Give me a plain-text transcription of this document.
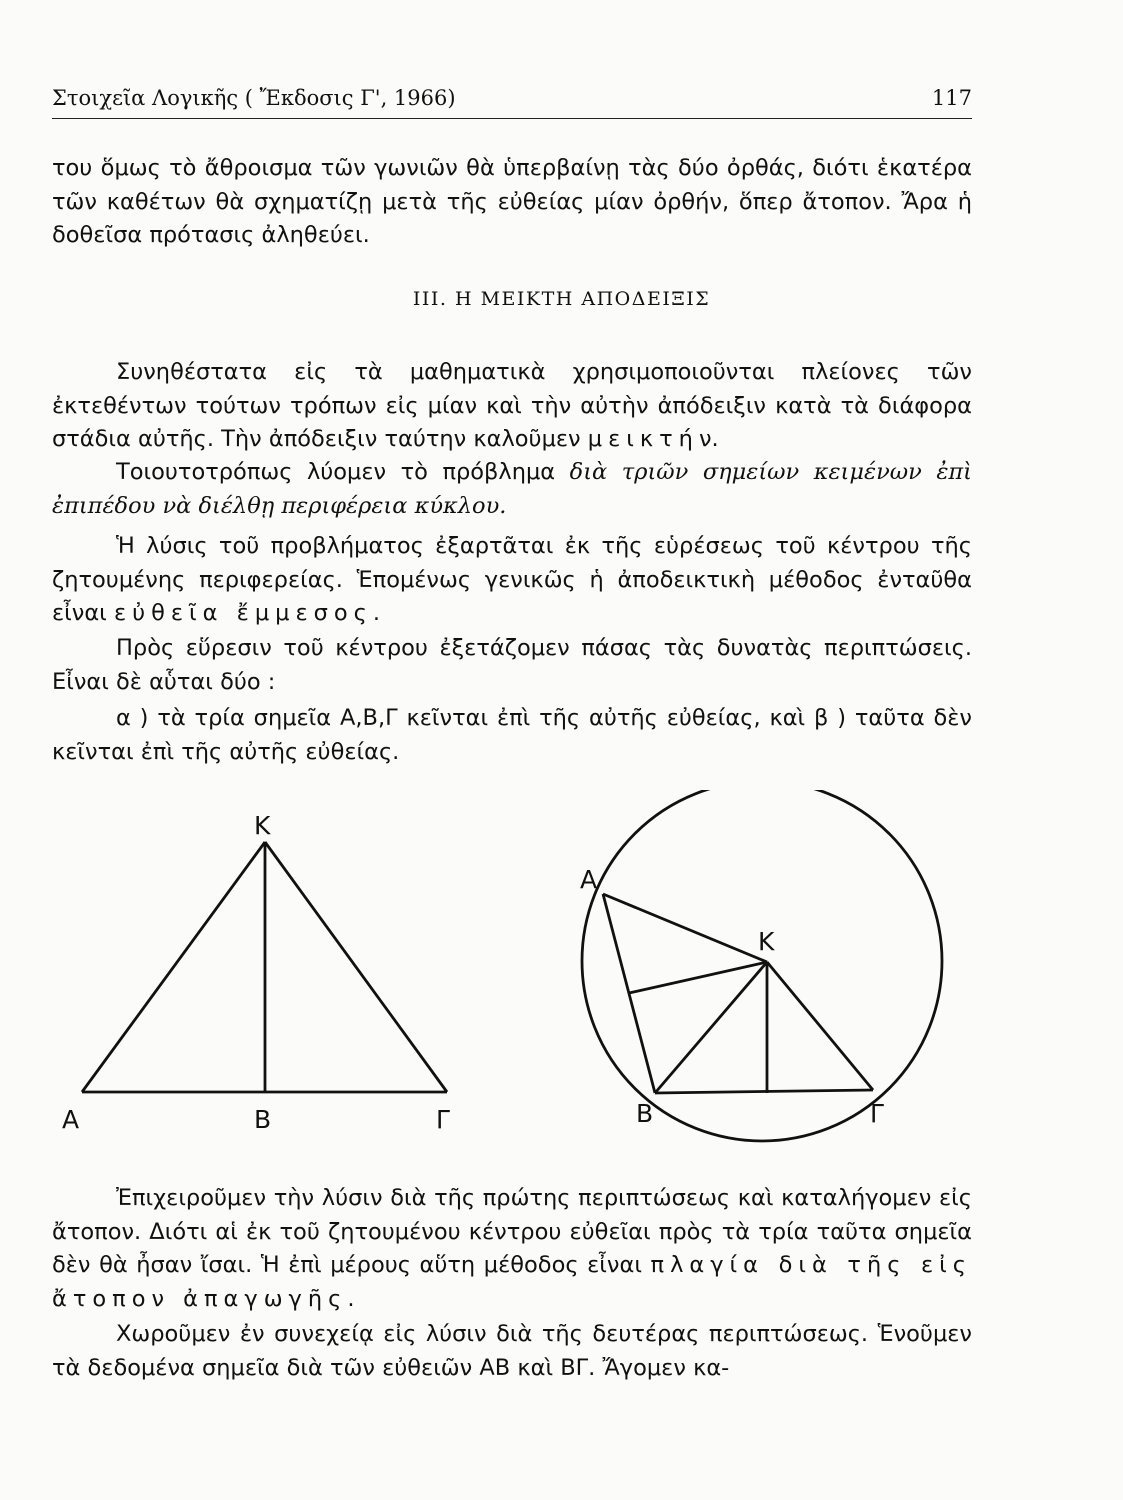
Στοιχεῖα Λογικῆς ( Ἔκδοσις Γ', 1966)	117

του ὅμως τὸ ἄθροισμα τῶν γωνιῶν θὰ ὑπερβαίνῃ τὰς δύο ὀρθάς, διότι ἑκατέρα τῶν καθέτων θὰ σχηματίζῃ μετὰ τῆς εὐθείας μίαν ὀρθήν, ὅπερ ἄτοπον. Ἄρα ἡ δοθεῖσα πρότασις ἀληθεύει.

III. Η ΜΕΙΚΤΗ ΑΠΟΔΕΙΞΙΣ

Συνηθέστατα εἰς τὰ μαθηματικὰ χρησιμοποιοῦνται πλείονες τῶν ἐκτεθέντων τούτων τρόπων εἰς μίαν καὶ τὴν αὐτὴν ἀπόδειξιν κατὰ τὰ διάφορα στάδια αὐτῆς. Τὴν ἀπόδειξιν ταύτην καλοῦμεν μεικτήν.

Τοιουτοτρόπως λύομεν τὸ πρόβλημα διὰ τριῶν σημείων κειμένων ἐπὶ ἐπιπέδου νὰ διέλθῃ περιφέρεια κύκλου.

Ἡ λύσις τοῦ προβλήματος ἐξαρτᾶται ἐκ τῆς εὑρέσεως τοῦ κέντρου τῆς ζητουμένης περιφερείας. Ἑπομένως γενικῶς ἡ ἀποδεικτικὴ μέθοδος ἐνταῦθα εἶναι εὐθεῖα ἔμμεσος.

Πρὸς εὕρεσιν τοῦ κέντρου ἐξετάζομεν πάσας τὰς δυνατὰς περιπτώσεις. Εἶναι δὲ αὗται δύο :

α ) τὰ τρία σημεῖα Α,Β,Γ κεῖνται ἐπὶ τῆς αὐτῆς εὐθείας, καὶ β ) ταῦτα δὲν κεῖνται ἐπὶ τῆς αὐτῆς εὐθείας.

Κ
Α	Β	Γ
Α
Κ
Β	Γ

Ἐπιχειροῦμεν τὴν λύσιν διὰ τῆς πρώτης περιπτώσεως καὶ καταλήγομεν εἰς ἄτοπον. Διότι αἱ ἐκ τοῦ ζητουμένου κέντρου εὐθεῖαι πρὸς τὰ τρία ταῦτα σημεῖα δὲν θὰ ἦσαν ἴσαι. Ἡ ἐπὶ μέρους αὕτη μέθοδος εἶναι πλαγία διὰ τῆς εἰς ἄτοπον ἀπαγωγῆς.

Χωροῦμεν ἐν συνεχείᾳ εἰς λύσιν διὰ τῆς δευτέρας περιπτώσεως. Ἑνοῦμεν τὰ δεδομένα σημεῖα διὰ τῶν εὐθειῶν ΑΒ καὶ ΒΓ. Ἄγομεν κα-
